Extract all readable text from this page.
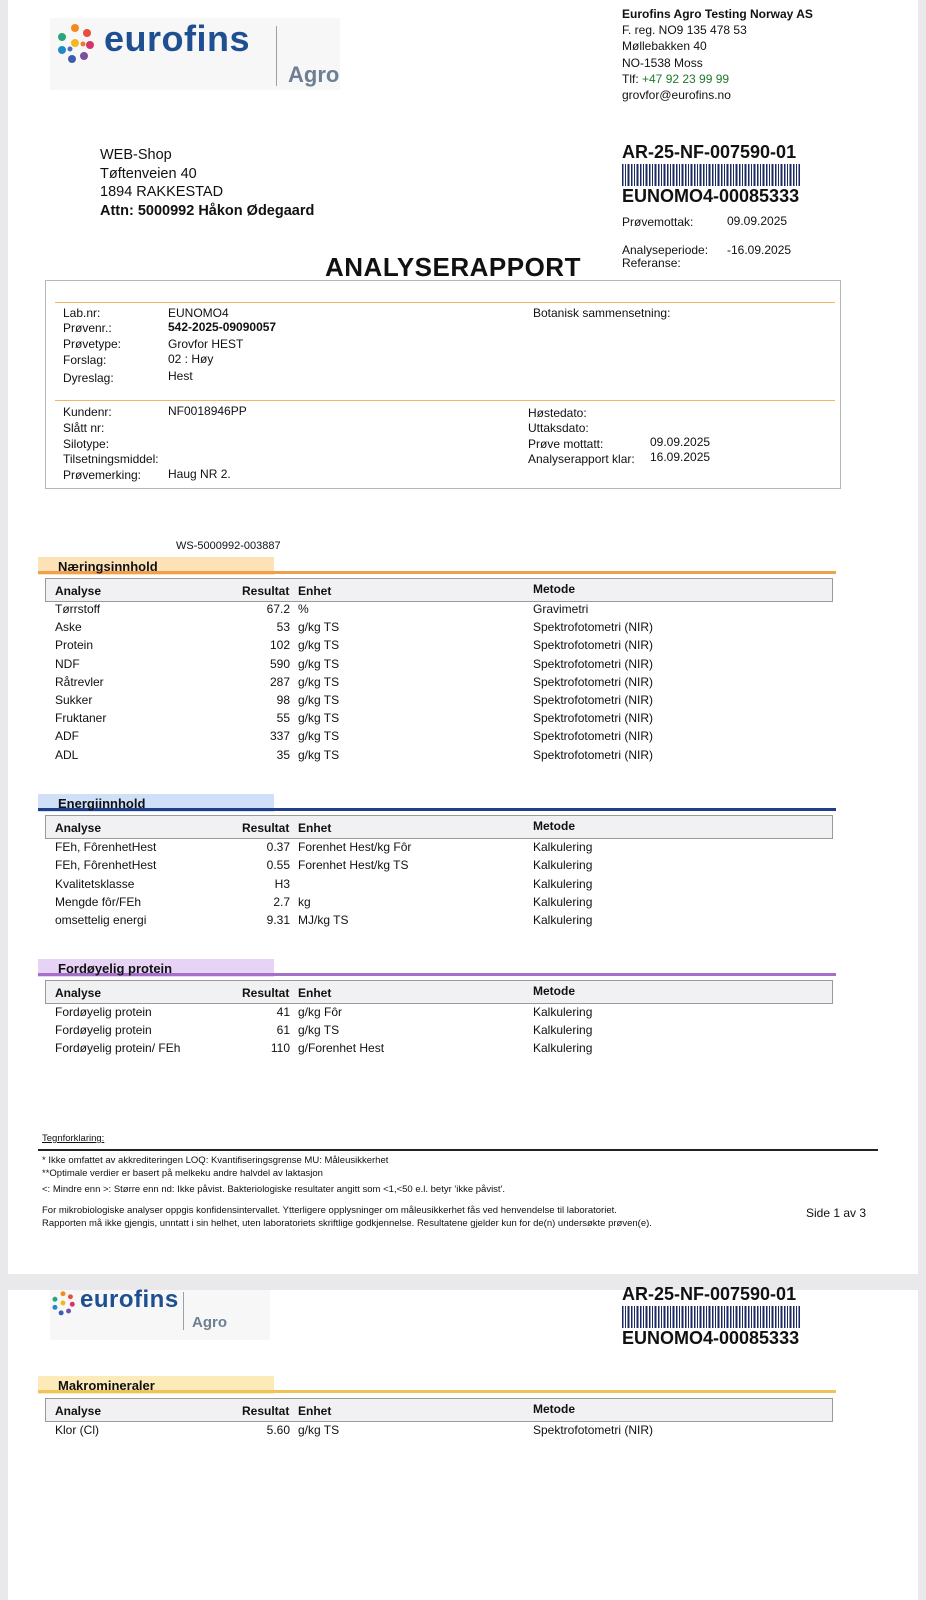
eurofins
Agro
Eurofins Agro Testing Norway AS
F. reg. NO9 135 478 53
Møllebakken 40
NO-1538 Moss
Tlf: +47 92 23 99 99
grovfor@eurofins.no
WEB-Shop
Tøftenveien 40
1894 RAKKESTAD
Attn: 5000992 Håkon Ødegaard
AR-25-NF-007590-01
EUNOMO4-00085333
Prøvemottak:	09.09.2025
Analyseperiode: -16.09.2025
Referanse:
ANALYSERAPPORT
Lab.nr:	EUNOMO4
Prøvenr.:	542-2025-09090057
Prøvetype:	Grovfor HEST
Forslag:	02 : Høy
Dyreslag:	Hest
Botanisk sammensetning:
Kundenr:	NF0018946PP
Slått nr:
Silotype:
Tilsetningsmiddel:
Prøvemerking: Haug NR 2.
Høstedato:
Uttaksdato:
Prøve mottatt:	09.09.2025
Analyserapport klar: 16.09.2025
WS-5000992-003887
Næringsinnhold
Analyse	Resultat Enhet	Metode
Tørrstoff	67.2 %	Gravimetri
Aske	53 g/kg TS	Spektrofotometri (NIR)
Protein	102 g/kg TS	Spektrofotometri (NIR)
NDF	590 g/kg TS	Spektrofotometri (NIR)
Råtrevler	287 g/kg TS	Spektrofotometri (NIR)
Sukker	98 g/kg TS	Spektrofotometri (NIR)
Fruktaner	55 g/kg TS	Spektrofotometri (NIR)
ADF	337 g/kg TS	Spektrofotometri (NIR)
ADL	35 g/kg TS	Spektrofotometri (NIR)
Energiinnhold
Analyse	Resultat Enhet	Metode
FEh, FôrenhetHest	0.37 Forenhet Hest/kg Fôr	Kalkulering
FEh, FôrenhetHest	0.55 Forenhet Hest/kg TS	Kalkulering
Kvalitetsklasse	H3	Kalkulering
Mengde fôr/FEh	2.7 kg	Kalkulering
omsettelig energi	9.31 MJ/kg TS	Kalkulering
Fordøyelig protein
Analyse	Resultat Enhet	Metode
Fordøyelig protein	41 g/kg Fôr	Kalkulering
Fordøyelig protein	61 g/kg TS	Kalkulering
Fordøyelig protein/ FEh	110 g/Forenhet Hest	Kalkulering
Tegnforklaring:
* Ikke omfattet av akkrediteringen LOQ: Kvantifiseringsgrense MU: Måleusikkerhet
**Optimale verdier er basert på melkeku andre halvdel av laktasjon
<: Mindre enn >: Større enn nd: Ikke påvist. Bakteriologiske resultater angitt som <1,<50 e.l. betyr 'ikke påvist'.
For mikrobiologiske analyser oppgis konfidensintervallet. Ytterligere opplysninger om måleusikkerhet fås ved henvendelse til laboratoriet.
Rapporten må ikke gjengis, unntatt i sin helhet, uten laboratoriets skriftlige godkjennelse. Resultatene gjelder kun for de(n) undersøkte prøven(e).
Side 1 av 3
eurofins
Agro
AR-25-NF-007590-01
EUNOMO4-00085333
Makromineraler
Analyse	Resultat Enhet	Metode
Klor (Cl)	5.60 g/kg TS	Spektrofotometri (NIR)
